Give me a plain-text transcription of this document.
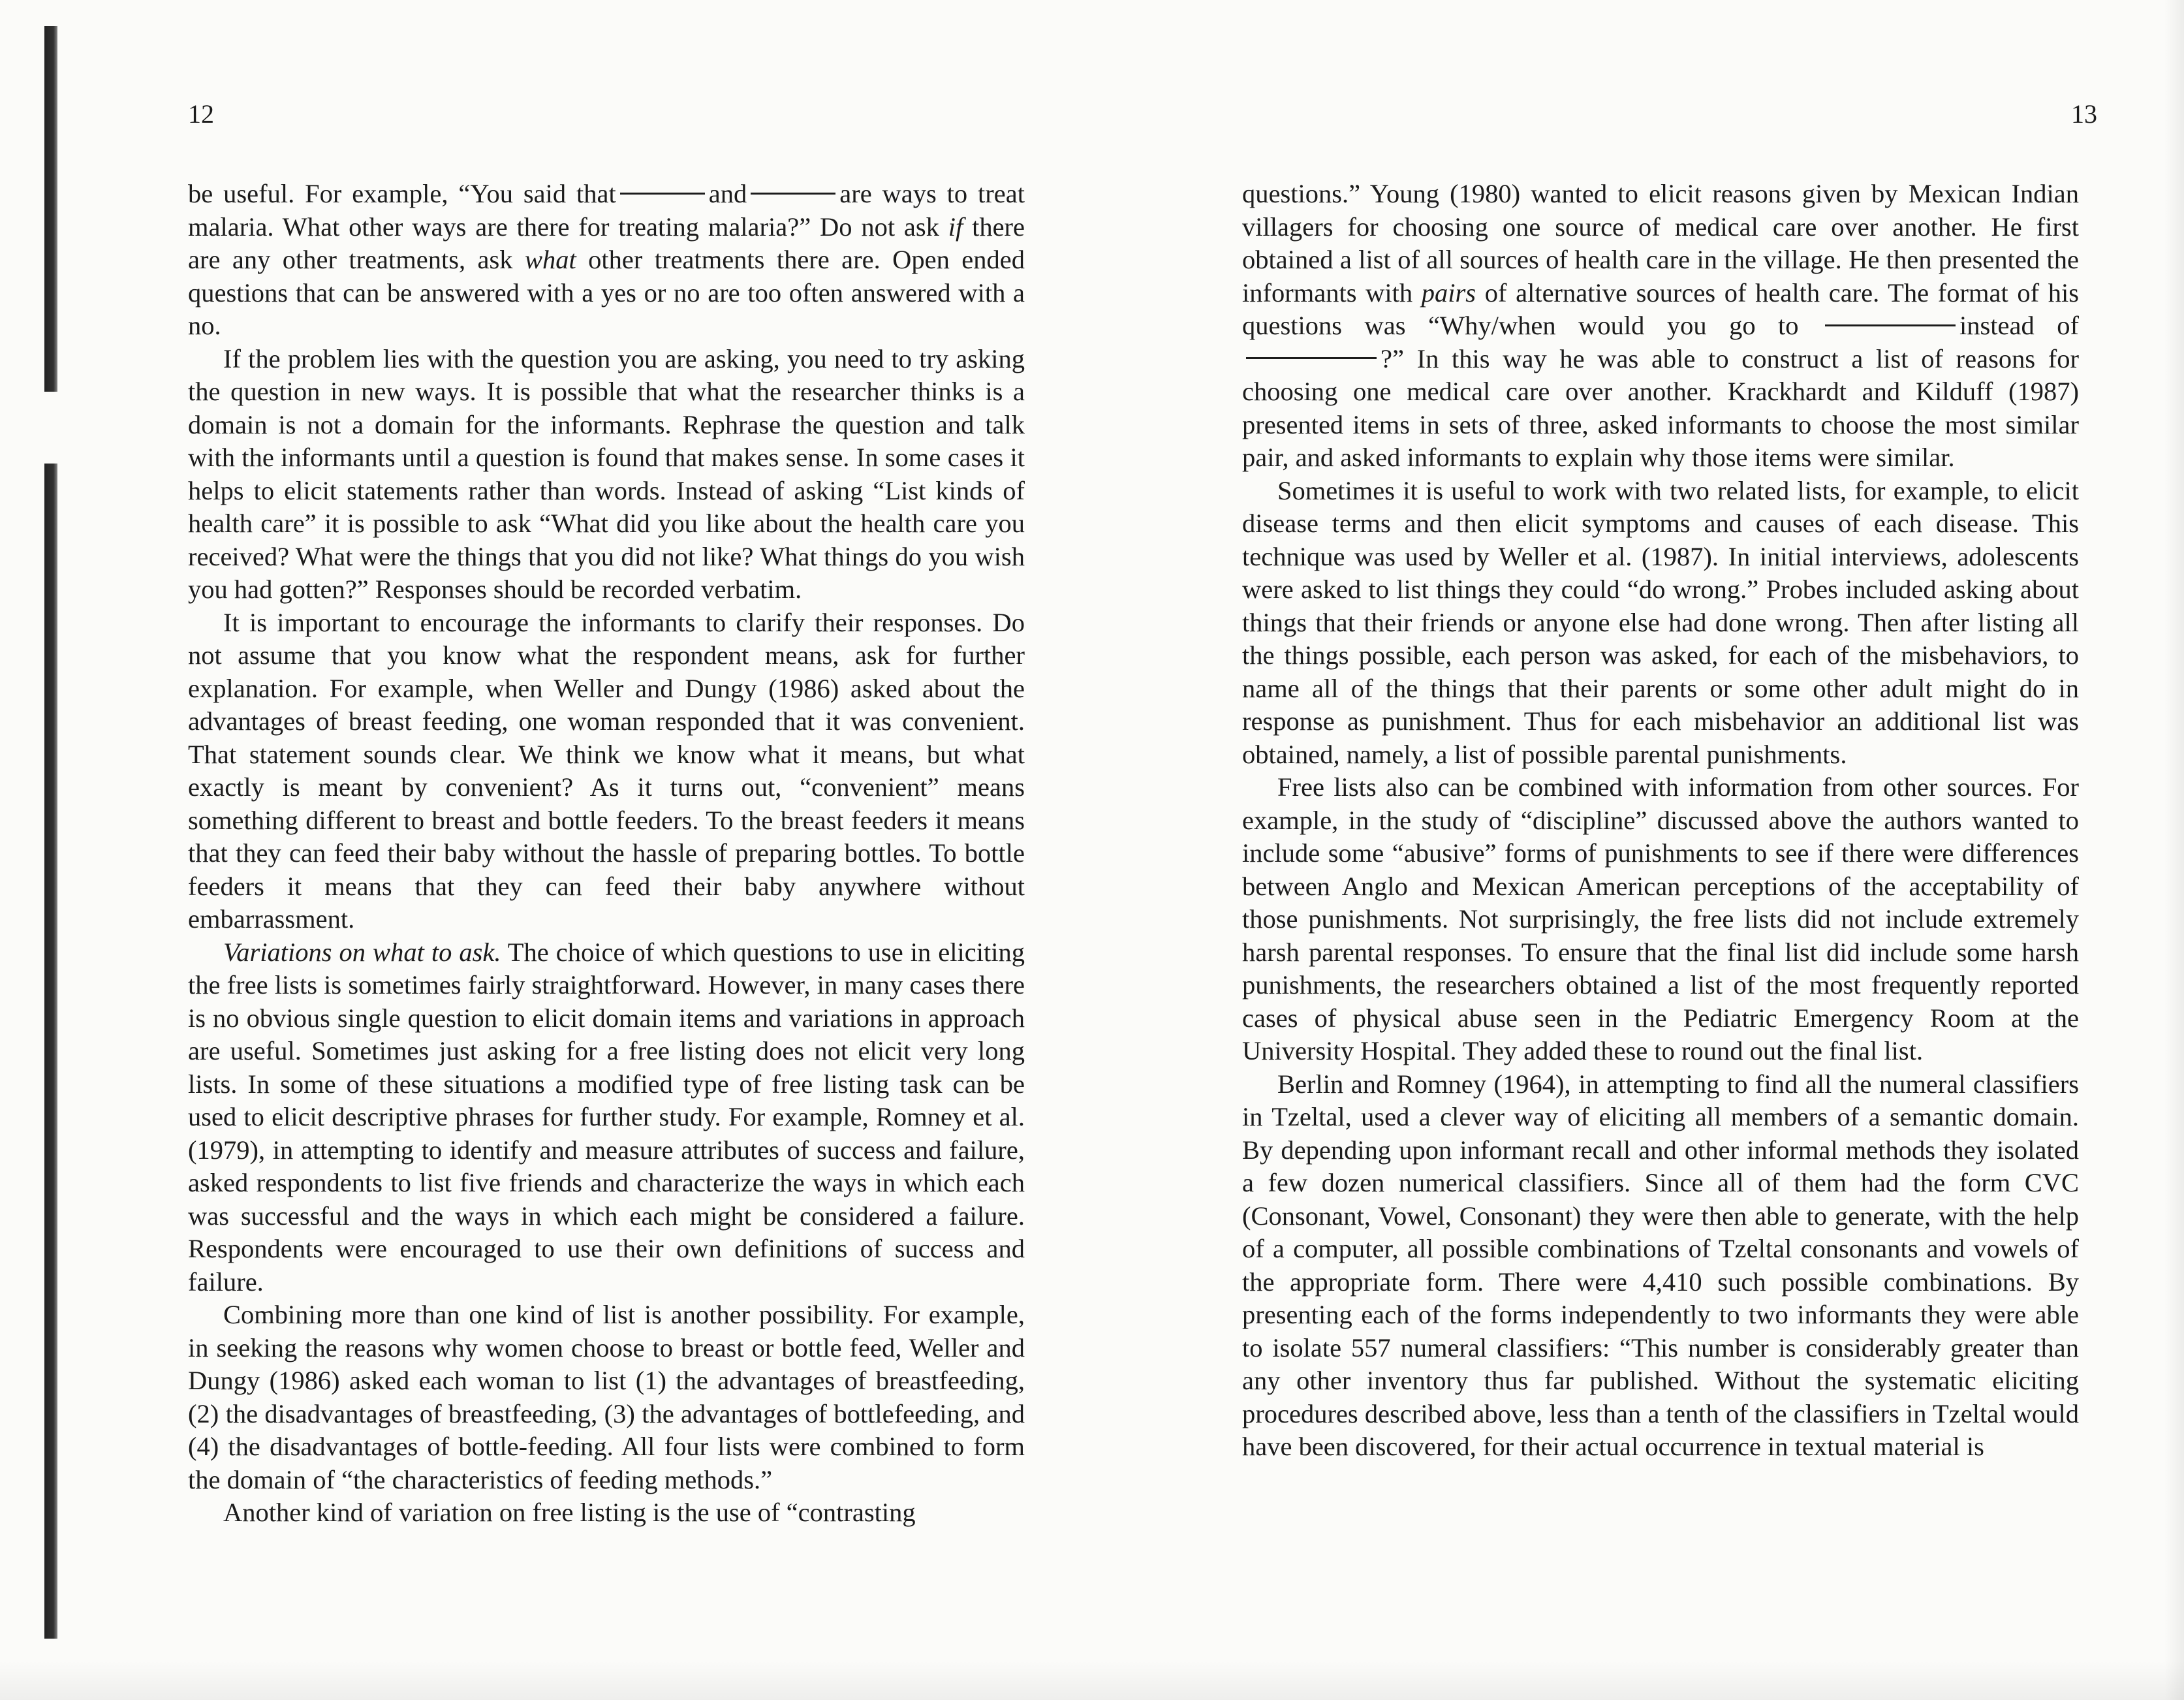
12

be useful. For example, “You said that	and	are ways to treat malaria. What other ways are there for treating malaria?” Do not ask if there are any other treatments, ask what other treatments there are. Open ended questions that can be answered with a yes or no are too often answered with a no.

If the problem lies with the question you are asking, you need to try asking the question in new ways. It is possible that what the researcher thinks is a domain is not a domain for the informants. Rephrase the question and talk with the informants until a question is found that makes sense. In some cases it helps to elicit statements rather than words. Instead of asking “List kinds of health care” it is possible to ask “What did you like about the health care you received? What were the things that you did not like? What things do you wish you had gotten?” Responses should be recorded verbatim.

It is important to encourage the informants to clarify their responses. Do not assume that you know what the respondent means, ask for further explanation. For example, when Weller and Dungy (1986) asked about the advantages of breast feeding, one woman responded that it was convenient. That statement sounds clear. We think we know what it means, but what exactly is meant by convenient? As it turns out, “convenient” means something different to breast and bottle feeders. To the breast feeders it means that they can feed their baby without the hassle of preparing bottles. To bottle feeders it means that they can feed their baby anywhere without embarrassment.

Variations on what to ask. The choice of which questions to use in eliciting the free lists is sometimes fairly straightforward. However, in many cases there is no obvious single question to elicit domain items and variations in approach are useful. Sometimes just asking for a free listing does not elicit very long lists. In some of these situations a modified type of free listing task can be used to elicit descriptive phrases for further study. For example, Romney et al. (1979), in attempting to identify and measure attributes of success and failure, asked respondents to list five friends and characterize the ways in which each was successful and the ways in which each might be considered a failure. Respondents were encouraged to use their own definitions of success and failure.

Combining more than one kind of list is another possibility. For example, in seeking the reasons why women choose to breast or bottle feed, Weller and Dungy (1986) asked each woman to list (1) the advantages of breastfeeding, (2) the disadvantages of breastfeeding, (3) the advantages of bottlefeeding, and (4) the disadvantages of bottle-feeding. All four lists were combined to form the domain of “the characteristics of feeding methods.”

Another kind of variation on free listing is the use of “contrasting

13

questions.” Young (1980) wanted to elicit reasons given by Mexican Indian villagers for choosing one source of medical care over another. He first obtained a list of all sources of health care in the village. He then presented the informants with pairs of alternative sources of health care. The format of his questions was “Why/when would you go to	instead of?” In this way he was able to construct a list of reasons for choosing one medical care over another. Krackhardt and Kilduff (1987) presented items in sets of three, asked informants to choose the most similar pair, and asked informants to explain why those items were similar.

Sometimes it is useful to work with two related lists, for example, to elicit disease terms and then elicit symptoms and causes of each disease. This technique was used by Weller et al. (1987). In initial interviews, adolescents were asked to list things they could “do wrong.” Probes included asking about things that their friends or anyone else had done wrong. Then after listing all the things possible, each person was asked, for each of the misbehaviors, to name all of the things that their parents or some other adult might do in response as punishment. Thus for each misbehavior an additional list was obtained, namely, a list of possible parental punishments.

Free lists also can be combined with information from other sources. For example, in the study of “discipline” discussed above the authors wanted to include some “abusive” forms of punishments to see if there were differences between Anglo and Mexican American perceptions of the acceptability of those punishments. Not surprisingly, the free lists did not include extremely harsh parental responses. To ensure that the final list did include some harsh punishments, the researchers obtained a list of the most frequently reported cases of physical abuse seen in the Pediatric Emergency Room at the University Hospital. They added these to round out the final list.

Berlin and Romney (1964), in attempting to find all the numeral classifiers in Tzeltal, used a clever way of eliciting all members of a semantic domain. By depending upon informant recall and other informal methods they isolated a few dozen numerical classifiers. Since all of them had the form CVC (Consonant, Vowel, Consonant) they were then able to generate, with the help of a computer, all possible combinations of Tzeltal consonants and vowels of the appropriate form. There were 4,410 such possible combinations. By presenting each of the forms independently to two informants they were able to isolate 557 numeral classifiers: “This number is considerably greater than any other inventory thus far published. Without the systematic eliciting procedures described above, less than a tenth of the classifiers in Tzeltal would have been discovered, for their actual occurrence in textual material is
